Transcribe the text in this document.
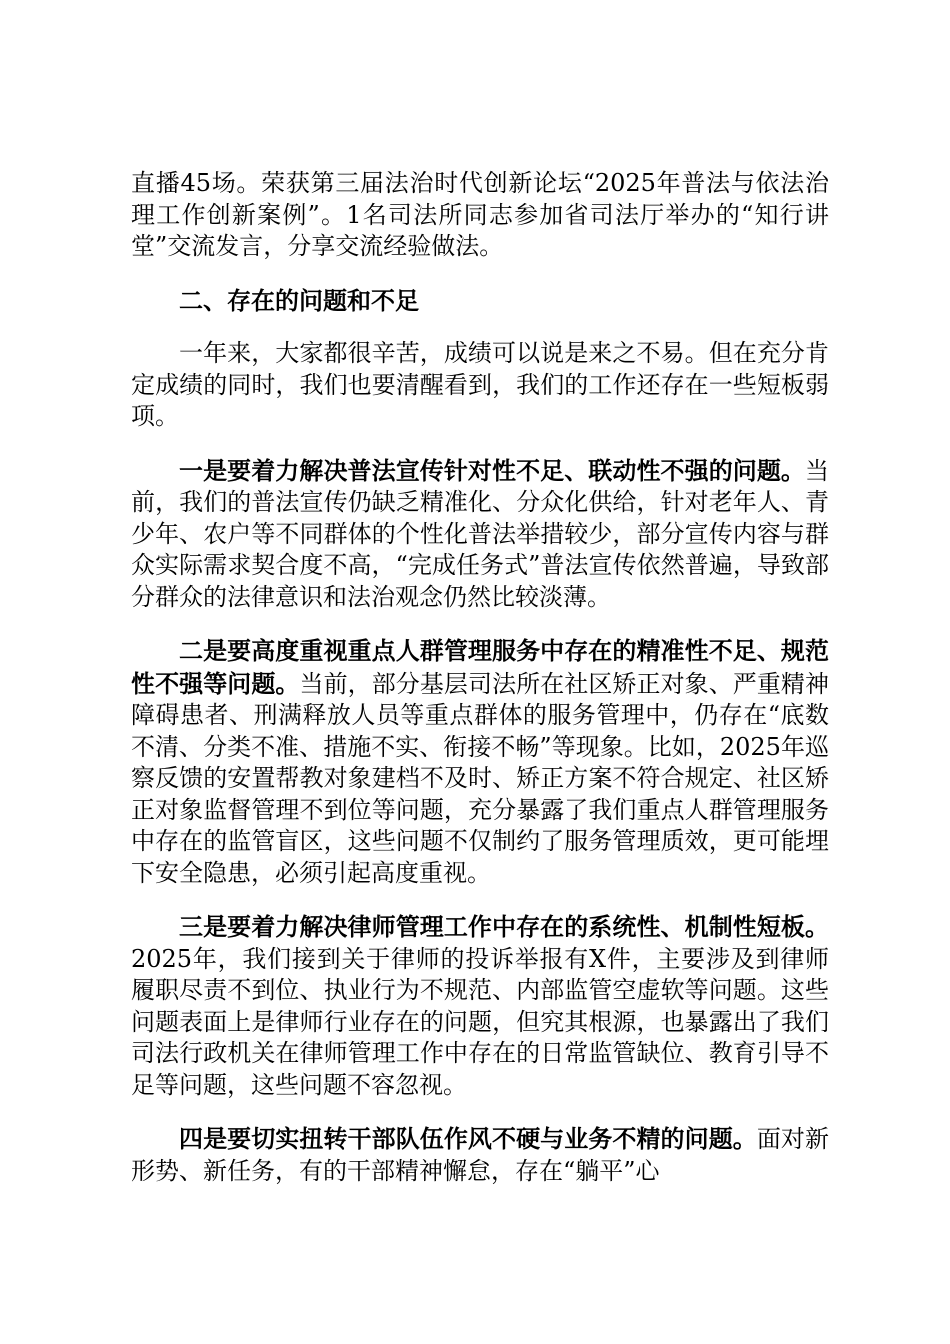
直播45场。荣获第三届法治时代创新论坛“2025年普法与依法治理工作创新案例”。1名司法所同志参加省司法厅举办的“知行讲堂”交流发言，分享交流经验做法。

二、存在的问题和不足

一年来，大家都很辛苦，成绩可以说是来之不易。但在充分肯定成绩的同时，我们也要清醒看到，我们的工作还存在一些短板弱项。

一是要着力解决普法宣传针对性不足、联动性不强的问题。当前，我们的普法宣传仍缺乏精准化、分众化供给，针对老年人、青少年、农户等不同群体的个性化普法举措较少，部分宣传内容与群众实际需求契合度不高，“完成任务式”普法宣传依然普遍，导致部分群众的法律意识和法治观念仍然比较淡薄。

二是要高度重视重点人群管理服务中存在的精准性不足、规范性不强等问题。当前，部分基层司法所在社区矫正对象、严重精神障碍患者、刑满释放人员等重点群体的服务管理中，仍存在“底数不清、分类不准、措施不实、衔接不畅”等现象。比如，2025年巡察反馈的安置帮教对象建档不及时、矫正方案不符合规定、社区矫正对象监督管理不到位等问题，充分暴露了我们重点人群管理服务中存在的监管盲区，这些问题不仅制约了服务管理质效，更可能埋下安全隐患，必须引起高度重视。

三是要着力解决律师管理工作中存在的系统性、机制性短板。2025年，我们接到关于律师的投诉举报有X件，主要涉及到律师履职尽责不到位、执业行为不规范、内部监管空虚软等问题。这些问题表面上是律师行业存在的问题，但究其根源，也暴露出了我们司法行政机关在律师管理工作中存在的日常监管缺位、教育引导不足等问题，这些问题不容忽视。

四是要切实扭转干部队伍作风不硬与业务不精的问题。面对新形势、新任务，有的干部精神懈怠，存在“躺平”心
